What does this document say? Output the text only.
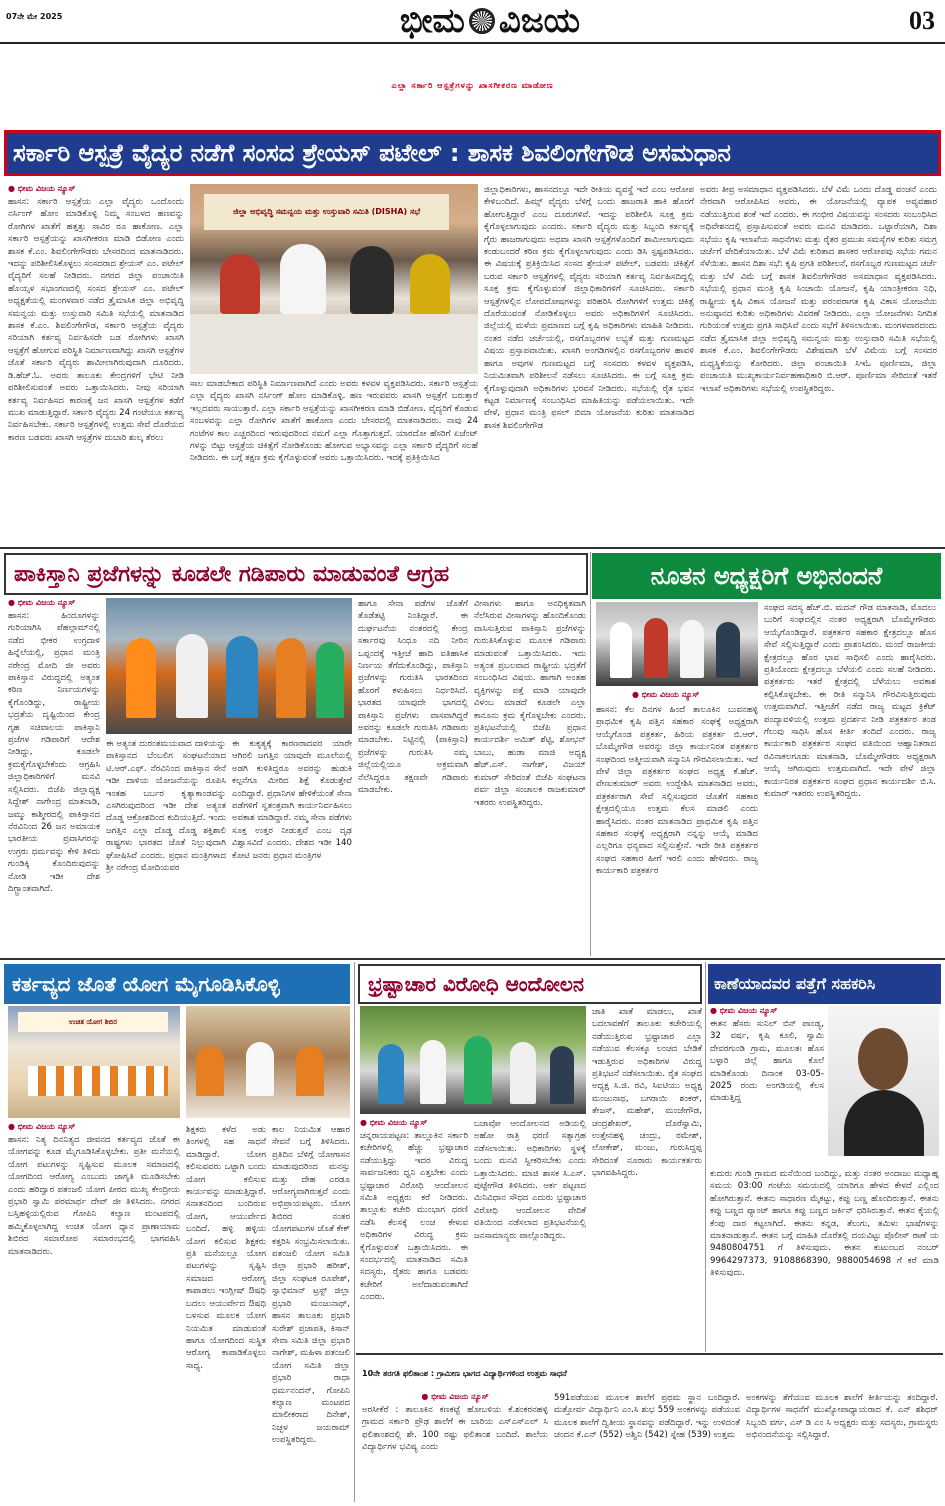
07ನೇ ಮೇ 2025	ಭೀಮ ವಿಜಯ	03
ಎಲ್ಲಾ ಸರ್ಕಾರಿ ಆಸ್ಪತ್ರೆಗಳನ್ನು ಖಾಸಗೀಕರಣ ಮಾಡೋಣ
ಸರ್ಕಾರಿ ಆಸ್ಪತ್ರೆ ವೈದ್ಯರ ನಡೆಗೆ ಸಂಸದ ಶ್ರೇಯಸ್ ಪಟೇಲ್ : ಶಾಸಕ ಶಿವಲಿಂಗೇಗೌಡ ಅಸಮಧಾನ
● ಭೀಮ ವಿಜಯ ನ್ಯೂಸ್
ಹಾಸನ: ಸರ್ಕಾರಿ ಆಸ್ಪತ್ರೆಯ ಎಲ್ಲಾ ವೈದ್ಯರು ಒಂದೊಂದು ನರ್ಸಿಂಗ್ ಹೋಂ ಮಾಡಿಕೊಳ್ಳಿ ನಿಮ್ಮ ಸಂಬಳದ ಹಣವನ್ನು ರೋಗಿಗಳ ಖಾತೆಗೆ ಹತ್ತತ್ತು ಸಾವಿರ ರೂ ಹಾಕೋಣ. ಎಲ್ಲಾ ಸರ್ಕಾರಿ ಆಸ್ಪತ್ರೆಯನ್ನು ಖಾಸಗೀಕರಣ ಮಾಡಿ ಬಿಡೋಣ ಎಂದು ಶಾಸಕ ಕೆ.ಎಂ. ಶಿವಲಿಂಗೇಗೌಡರು ಬೇಸರದಿಂದ ಮಾತನಾಡಿದರು. ಇದನ್ನು ಪರಿಶೀಲಿಸಿಕೊಳ್ಳಲು ಸಂಸದರಾದ ಶ್ರೇಯಸ್ ಎಂ. ಪಟೇಲ್ ವೈದ್ಯರಿಗೆ ಸಲಹೆ ನೀಡಿದರು. ನಗರದ ಜಿಲ್ಲಾ ಪಂಚಾಯಿತಿ ಹೊಯ್ಸಳ ಸಭಾಂಗಣದಲ್ಲಿ ಸಂಸದ ಶ್ರೇಯಸ್ ಎಂ. ಪಟೇಲ್ ಅಧ್ಯಕ್ಷತೆಯಲ್ಲಿ ಮಂಗಳವಾರ ನಡೆದ ತ್ರೈಮಾಸಿಕ ಜಿಲ್ಲಾ ಅಭಿವೃದ್ಧಿ ಸಮನ್ವಯ ಮತ್ತು ಉಸ್ತುವಾರಿ ಸಮಿತಿ ಸಭೆಯಲ್ಲಿ ಮಾತನಾಡಿದ ಶಾಸಕ ಕೆ.ಎಂ. ಶಿವಲಿಂಗೇಗೌಡ, ಸರ್ಕಾರಿ ಆಸ್ಪತ್ರೆಯ ವೈದ್ಯರು ಸರಿಯಾಗಿ ಕರ್ತವ್ಯ ನಿರ್ವಹಿಸದೇ ಬಡ ರೋಗಿಗಳು ಖಾಸಗಿ ಆಸ್ಪತ್ರೆಗೆ ಹೋಗುವ ಪರಿಸ್ಥಿತಿ ನಿರ್ಮಾಣವಾಗಿದ್ದು ಖಾಸಗಿ ಆಸ್ಪತ್ರೆಗಳ ಜೊತೆ ಸರ್ಕಾರಿ ವೈದ್ಯರು ಶಾಮೀಲಾಗಿರುವುದಾಗಿ ದೂರಿದರು. ಡಿ.ಹೆಚ್.ಓ. ಅವರು ತಾಲೂಕು ಕೇಂದ್ರಗಳಿಗೆ ಭೇಟಿ ನೀಡಿ ಪರಿಶೀಲಿಸುವಂತೆ ಅವರು ಒತ್ತಾಯಿಸಿದರು. ನೀವು ಸರಿಯಾಗಿ ಕರ್ತವ್ಯ ನಿರ್ವಹಿಸದ ಕಾರಣಕ್ಕೆ ಜನ ಖಾಸಗಿ ಆಸ್ಪತ್ರೆಗಳ ಕಡೆಗೆ ಮುಖ ಮಾಡುತ್ತಿದ್ದಾರೆ. ಸರ್ಕಾರಿ ವೈದ್ಯರು 24 ಗಂಟೆಯೂ ಕರ್ತವ್ಯ ನಿರ್ವಹಿಸಬೇಕು. ಸರ್ಕಾರಿ ಆಸ್ಪತ್ರೆಗಳಲ್ಲಿ ಉತ್ತಮ ಸೇವೆ ದೊರೆಯದ ಕಾರಣ ಬಡವರು ಖಾಸಗಿ ಆಸ್ಪತ್ರೆಗಳ ದುಬಾರಿ ಶುಲ್ಕ ತೆರಲು
ಜಿಲ್ಲಾ ಅಭಿವೃದ್ಧಿ ಸಮನ್ವಯ ಮತ್ತು ಉಸ್ತುವಾರಿ ಸಮಿತಿ (DISHA) ಸಭೆ
ಸಾಲ ಮಾಡಬೇಕಾದ ಪರಿಸ್ಥಿತಿ ನಿರ್ಮಾಣವಾಗಿದೆ ಎಂದು ಅವರು ಕಳವಳ ವ್ಯಕ್ತಪಡಿಸಿದರು. ಸರ್ಕಾರಿ ಆಸ್ಪತ್ರೆಯ ಎಲ್ಲಾ ವೈದ್ಯರು ಖಾಸಗಿ ನರ್ಸಿಂಗ್ ಹೋಂ ಮಾಡಿಕೊಳ್ಳಿ. ಹಣ ಇರುವವರು ಖಾಸಗಿ ಆಸ್ಪತ್ರೆಗೆ ಬರುತ್ತಾರೆ ಇಲ್ಲದವರು ಸಾಯುತ್ತಾರೆ. ಎಲ್ಲಾ ಸರ್ಕಾರಿ ಆಸ್ಪತ್ರೆಯನ್ನು ಖಾಸಗೀಕರಣ ಮಾಡಿ ಬಿಡೋಣ. ವೈದ್ಯರಿಗೆ ಕೊಡುವ ಸಂಬಳವನ್ನು ಎಲ್ಲಾ ರೋಗಿಗಳ ಖಾತೆಗೆ ಹಾಕೋಣ ಎಂದು ಬೇಸರದಲ್ಲಿ ಮಾತನಾಡಿದರು. ನಾವು 24 ಗಂಟೆಗಳ ಕಾಲ ಎಚ್ಚರದಿಂದ ಇರುವುದರಿಂದ ನಮಗೆ ಎಲ್ಲಾ ಗೊತ್ತಾಗುತ್ತದೆ. ಯಾರದೋ ಹೆಸರಿಗೆ ಏಜೆಂಟ್ ಗಳನ್ನು ಬಿಟ್ಟು ಆಸ್ಪತ್ರೆಯ ಚಿಕಿತ್ಸೆಗೆ ನೋಡಿಕೊಂಡು ಹೋಗುವ ಅಭ್ಯಾಸವನ್ನು ಎಲ್ಲಾ ಸರ್ಕಾರಿ ವೈದ್ಯರಿಗೆ ಸಲಹೆ ನೀಡಿದರು. ಈ ಬಗ್ಗೆ ತಕ್ಷಣ ಕ್ರಮ ಕೈಗೊಳ್ಳುವಂತೆ ಅವರು ಒತ್ತಾಯಿಸಿದರು. ಇದಕ್ಕೆ ಪ್ರತಿಕ್ರಿಯಿಸಿದ
ಜಿಲ್ಲಾಧಿಕಾರಿಗಳು, ಹಾಸನದಲ್ಲೂ ಇದೇ ರೀತಿಯ ವ್ಯವಸ್ಥೆ ಇದೆ ಎಂಬ ಆರೋಪ ಕೇಳಿಬಂದಿದೆ. ಹಿಮ್ಸ್ ವೈದ್ಯರು ಬೆಳಿಗ್ಗೆ ಬಂದು ಹಾಜರಾತಿ ಹಾಕಿ ಹೊರಗೆ ಹೋಗುತ್ತಿದ್ದಾರೆ ಎಂಬ ದೂರುಗಳಿವೆ. ಇದನ್ನು ಪರಿಶೀಲಿಸಿ ಸೂಕ್ತ ಕ್ರಮ ಕೈಗೊಳ್ಳಲಾಗುವುದು ಎಂದರು. ಸರ್ಕಾರಿ ವೈದ್ಯರು ಮತ್ತು ಸಿಬ್ಬಂದಿ ಕರ್ತವ್ಯಕ್ಕೆ ಗೈರು ಹಾಜರಾಗುವುದು ಅಥವಾ ಖಾಸಗಿ ಆಸ್ಪತ್ರೆಗಳೊಂದಿಗೆ ಶಾಮೀಲಾಗುವುದು ಕಂಡುಬಂದರೆ ಕಠಿಣ ಕ್ರಮ ಕೈಗೊಳ್ಳಲಾಗುವುದು ಎಂದು ಡಿಸಿ ಸ್ಪಷ್ಟಪಡಿಸಿದರು. ಈ ವಿಷಯಕ್ಕೆ ಪ್ರತಿಕ್ರಿಯಿಸಿದ ಸಂಸದ ಶ್ರೇಯಸ್ ಪಟೇಲ್, ಬಡವರು ಚಿಕಿತ್ಸೆಗೆ ಬರುವ ಸರ್ಕಾರಿ ಆಸ್ಪತ್ರೆಗಳಲ್ಲಿ ವೈದ್ಯರು ಸರಿಯಾಗಿ ಕರ್ತವ್ಯ ನಿರ್ವಹಿಸದಿದ್ದಲ್ಲಿ ಸೂಕ್ತ ಕ್ರಮ ಕೈಗೊಳ್ಳುವಂತೆ ಜಿಲ್ಲಾಧಿಕಾರಿಗಳಿಗೆ ಸೂಚಿಸಿದರು. ಸರ್ಕಾರಿ ಆಸ್ಪತ್ರೆಗಳಲ್ಲಿನ ಲೋಪದೋಷಗಳನ್ನು ಪರಿಹರಿಸಿ ರೋಗಿಗಳಿಗೆ ಉತ್ತಮ ಚಿಕಿತ್ಸೆ ದೊರೆಯುವಂತೆ ನೋಡಿಕೊಳ್ಳಲು ಅವರು ಅಧಿಕಾರಿಗಳಿಗೆ ಸೂಚಿಸಿದರು. ಜಿಲ್ಲೆಯಲ್ಲಿ ಮಳೆಯ ಪ್ರಮಾಣದ ಬಗ್ಗೆ ಕೃಷಿ ಅಧಿಕಾರಿಗಳು ಮಾಹಿತಿ ನೀಡಿದರು. ನಂತರ ನಡೆದ ಚರ್ಚೆಯಲ್ಲಿ, ರಸಗೊಬ್ಬರಗಳ ಲಭ್ಯತೆ ಮತ್ತು ಗುಣಮಟ್ಟದ ವಿಷಯ ಪ್ರಸ್ತಾಪವಾಯಿತು. ಖಾಸಗಿ ಅಂಗಡಿಗಳಲ್ಲಿನ ರಸಗೊಬ್ಬರಗಳ ಹಾವಳಿ ಹಾಗೂ ಅವುಗಳ ಗುಣಮಟ್ಟದ ಬಗ್ಗೆ ಸಂಸದರು ಕಳವಳ ವ್ಯಕ್ತಪಡಿಸಿ, ನಿಯಮಿತವಾಗಿ ಪರಿಶೀಲನೆ ನಡೆಸಲು ಸೂಚಿಸಿದರು. ಈ ಬಗ್ಗೆ ಸೂಕ್ತ ಕ್ರಮ ಕೈಗೊಳ್ಳುವುದಾಗಿ ಅಧಿಕಾರಿಗಳು ಭರವಸೆ ನೀಡಿದರು. ಸಭೆಯಲ್ಲಿ ರೈತ ಭವನ ಕಟ್ಟಡ ನಿರ್ಮಾಣಕ್ಕೆ ಸಂಬಂಧಿಸಿದ ಮಾಹಿತಿಯನ್ನು ಪಡೆಯಲಾಯಿತು. ಇದೇ ವೇಳೆ, ಪ್ರಧಾನ ಮಂತ್ರಿ ಫಸಲ್ ಬಿಮಾ ಯೋಜನೆಯ ಕುರಿತು ಮಾತನಾಡಿದ ಶಾಸಕ ಶಿವಲಿಂಗೇಗೌಡ
ಅವರು ತೀವ್ರ ಅಸಮಾಧಾನ ವ್ಯಕ್ತಪಡಿಸಿದರು. ಬೆಳೆ ವಿಮೆ ಒಂದು ದೊಡ್ಡ ವಂಚನೆ ಎಂದು ನೇರವಾಗಿ ಆರೋಪಿಸಿದ ಅವರು, ಈ ಯೋಜನೆಯಲ್ಲಿ ವ್ಯಾಪಕ ಅವ್ಯವಹಾರ ನಡೆಯುತ್ತಿರುವ ಶಂಕೆ ಇದೆ ಎಂದರು. ಈ ಗಂಭೀರ ವಿಷಯವನ್ನು ಸಂಸದರು ಸಂಬಂಧಿಸಿದ ಅಧಿವೇಶನದಲ್ಲಿ ಪ್ರಸ್ತಾಪಿಸುವಂತೆ ಅವರು ಮನವಿ ಮಾಡಿದರು. ಒಟ್ಟಾರೆಯಾಗಿ, ದಿಶಾ ಸಭೆಯು ಕೃಷಿ ಇಲಾಖೆಯ ಸಾಧನೆಗಳು ಮತ್ತು ರೈತರ ಪ್ರಮುಖ ಸಮಸ್ಯೆಗಳ ಕುರಿತು ಸಮಗ್ರ ಚರ್ಚೆಗೆ ವೇದಿಕೆಯಾಯಿತು. ಬೆಳೆ ವಿಮೆ ಕುರಿತಾದ ಶಾಸಕರ ಆರೋಪವು ಸಭೆಯ ಗಮನ ಸೆಳೆಯಿತು. ಹಾಸನ ದಿಶಾ ಸಭೆ: ಕೃಷಿ ಪ್ರಗತಿ ಪರಿಶೀಲನೆ, ರಸಗೊಬ್ಬರ ಗುಣಮಟ್ಟದ ಚರ್ಚೆ ಮತ್ತು ಬೆಳೆ ವಿಮೆ ಬಗ್ಗೆ ಶಾಸಕ ಶಿವಲಿಂಗೇಗೌಡರ ಅಸಮಾಧಾನ ವ್ಯಕ್ತಪಡಿಸಿದರು. ಸಭೆಯಲ್ಲಿ ಪ್ರಧಾನ ಮಂತ್ರಿ ಕೃಷಿ ಸಿಂಚಾಯಿ ಯೋಜನೆ, ಕೃಷಿ ಯಾಂತ್ರೀಕರಣ ನಿಧಿ, ರಾಷ್ಟ್ರೀಯ ಕೃಷಿ ವಿಕಾಸ ಯೋಜನೆ ಮತ್ತು ಪರಂಪರಾಗತ ಕೃಷಿ ವಿಕಾಸ ಯೋಜನೆಯ ಅನುಷ್ಠಾನದ ಕುರಿತು ಅಧಿಕಾರಿಗಳು ವಿವರಣೆ ನೀಡಿದರು. ಎಲ್ಲಾ ಯೋಜನೆಗಳು ನಿಗದಿತ ಗುರಿಯಂತೆ ಉತ್ತಮ ಪ್ರಗತಿ ಸಾಧಿಸಿವೆ ಎಂದು ಸಭೆಗೆ ತಿಳಿಸಲಾಯಿತು. ಮಂಗಳವಾರದಂದು ನಡೆದ ತ್ರೈಮಾಸಿಕ ಜಿಲ್ಲಾ ಅಭಿವೃದ್ಧಿ ಸಮನ್ವಯ ಮತ್ತು ಉಸ್ತುವಾರಿ ಸಮಿತಿ ಸಭೆಯಲ್ಲಿ ಶಾಸಕ ಕೆ.ಎಂ. ಶಿವಲಿಂಗೇಗೌಡರು ವಿಶೇಷವಾಗಿ ಬೆಳೆ ವಿಮೆಯ ಬಗ್ಗೆ ಸಂಸದರ ಮಧ್ಯಸ್ಥಿಕೆಯನ್ನು ಕೋರಿದರು. ಜಿಲ್ಲಾ ಪಂಚಾಯಿತಿ ಸಿಇಓ ಪೂರ್ಣಿಮಾ, ಜಿಲ್ಲಾ ಪಂಚಾಯತಿ ಮುಖ್ಯಕಾರ್ಯನಿರ್ವಹಣಾಧಿಕಾರಿ ಬಿ.ಆರ್. ಪೂರ್ಣಿಮಾ ಸೇರಿದಂತೆ ಇತರೆ ಇಲಾಖೆ ಅಧಿಕಾರಿಗಳು ಸಭೆಯಲ್ಲಿ ಉಪಸ್ಥಿತರಿದ್ದರು.
ಪಾಕಿಸ್ತಾನಿ ಪ್ರಜೆಗಳನ್ನು ಕೂಡಲೇ ಗಡಿಪಾರು ಮಾಡುವಂತೆ ಆಗ್ರಹ	ನೂತನ ಅಧ್ಯಕ್ಷರಿಗೆ ಅಭಿನಂದನೆ
● ಭೀಮ ವಿಜಯ ನ್ಯೂಸ್
ಹಾಸನ: ಹಿಂದೂಗಳನ್ನು ಗುರಿಯಾಗಿಸಿ ಪೆಹಲ್ಗಾಮ್‌ನಲ್ಲಿ ನಡೆದ ಭೀಕರ ಉಗ್ರದಾಳಿ ಹಿನ್ನೆಲೆಯಲ್ಲಿ, ಪ್ರಧಾನ ಮಂತ್ರಿ ನರೇಂದ್ರ ಮೋದಿ ಜೀ ಅವರು ಪಾಕಿಸ್ತಾನ ವಿರುದ್ಧದಲ್ಲಿ ಅತ್ಯಂತ ಕಠಿಣ ನಿರ್ಣಯಗಳನ್ನು ಕೈಗೊಂಡಿದ್ದು, ರಾಷ್ಟ್ರೀಯ ಭದ್ರತೆಯ ದೃಷ್ಟಿಯಿಂದ ಕೇಂದ್ರ ಗೃಹ ಸಚಿವಾಲಯ ಪಾಕಿಸ್ತಾನಿ ಪ್ರಜೆಗಳ ಗಡಿಪಾರಿಗೆ ಆದೇಶ ನೀಡಿದ್ದು, ಕೂಡಲೇ ಕ್ರಮಕೈಗೊಳ್ಳಬೇಕೆಂದು ಆಗ್ರಹಿಸಿ ಜಿಲ್ಲಾಧಿಕಾರಿಗಳಿಗೆ ಮನವಿ ಸಲ್ಲಿಸಿದರು. ಬಿಜೆಪಿ ಜಿಲ್ಲಾಧ್ಯಕ್ಷ ಸಿದ್ದೇಶ್ ನಾಗೇಂದ್ರ ಮಾತನಾಡಿ, ಜಮ್ಮು ಕಾಶ್ಮೀರದಲ್ಲಿ ಪಾಕಿಸ್ತಾನದ ನೆರವಿನಿಂದ 26 ಜನ ಅಮಾಯಕ ಭಾರತೀಯ ಪ್ರವಾಸಿಗರನ್ನು ಉಗ್ರರು ಧರ್ಮವನ್ನು ಕೇಳಿ ತಿಳಿದು ಗುಂಡಿಕ್ಕಿ ಕೊಂದಿರುವುದನ್ನು ನೋಡಿ ಇಡೀ ದೇಶ ದಿಗ್ಭ್ರಾಂತವಾಗಿದೆ.
ಈ ಅತ್ಯಂತ ದುರಂತಮಯವಾದ ದಾಳಿಯನ್ನು ಪಾಕಿಸ್ತಾನದ ಬೆಂಬಲಿಗ ಸಂಘಟನೆಯಾದ ಟಿ.ಆರ್.ಎಫ್. ನೆರವಿನಿಂದ ಪಾಕಿಸ್ತಾನ ಸೇನೆ ಇಡೀ ದಾಳಿಯ ಯೋಜನೆಯನ್ನು ರೂಪಿಸಿ ಇಂತಹ ಬರ್ಬರ ಕೃತ್ಯಾಕಾಂಡವನ್ನು ಎಸಗಿರುವುದರಿಂದ ಇಡೀ ದೇಶ ಅತ್ಯಂತ ದೊಡ್ಡ ಆಕ್ರೋಶದಿಂದ ಕುದಿಯುತ್ತಿದೆ. ಇಂದು ಜಗತ್ತಿನ ಎಲ್ಲಾ ದೊಡ್ಡ ದೊಡ್ಡ ಶಕ್ತಿಶಾಲಿ ರಾಷ್ಟ್ರಗಳು ಭಾರತದ ಜೊತೆ ನಿಲ್ಲುವುದಾಗಿ ಘೋಷಿಸಿವೆ ಎಂದರು. ಪ್ರಧಾನ ಮಂತ್ರಿಗಳಾದ ಶ್ರೀ ನರೇಂದ್ರ ಮೋದಿಯವರ
ಈ ಕುಕೃತ್ಯಕ್ಕೆ ಕಾರಣರಾದವರ ಯಾರೇ ಆಗಿರಲಿ ಜಗತ್ತಿನ ಯಾವುದೇ ಮೂಲೆಯಲ್ಲಿ ಅಡಗಿ ಕುಳಿತಿದ್ದರೂ ಅವರನ್ನು ಹುಡುಕಿ ಕಲ್ಪನೆಗೂ ಮೀರಿದ ಶಿಕ್ಷೆ ಕೊಡುತ್ತೇವೆ ಎಂದಿದ್ದಾರೆ. ಪ್ರಧಾನಿಗಳ ಹೇಳಿಕೆಯಂತೆ ಸೇನಾ ಪಡೆಗಳಿಗೆ ಸ್ವತಂತ್ರವಾಗಿ ಕಾರ್ಯನಿರ್ವಹಿಸಲು ಅವಕಾಶ ಮಾಡಿದ್ದಾರೆ. ನಮ್ಮ ಸೇನಾ ಪಡೆಗಳು ಸೂಕ್ತ ಉತ್ತರ ನೀಡುತ್ತವೆ ಎಂಬ ದೃಢ ವಿಶ್ವಾಸವಿದೆ ಎಂದರು. ದೇಶದ ಇಡೀ 140 ಕೋಟಿ ಜನರು ಪ್ರಧಾನ ಮಂತ್ರಿಗಳ
ಹಾಗೂ ಸೇನಾ ಪಡೆಗಳ ಜೊತೆಗೆ ತೊಡೆತಟ್ಟಿ ನಿಂತಿದ್ದಾರೆ. ಈ ದುರ್ಘಟನೆಯ ನಂತರದಲ್ಲಿ ಕೇಂದ್ರ ಸರ್ಕಾರವು ಸಿಂಧೂ ನದಿ ನೀರಿನ ಒಪ್ಪಂದಕ್ಕೆ ಇತ್ತೀಚೆ ಹಾದಿ ಐತಿಹಾಸಿಕ ನಿರ್ಣಯ ತೆಗೆದುಕೊಂಡಿದ್ದು, ಪಾಕಿಸ್ತಾನಿ ಪ್ರಜೆಗಳನ್ನು ಗುರುತಿಸಿ ಭಾರತದಿಂದ ಹೊರಗೆ ಕಳುಹಿಸಲು ನಿರ್ಧರಿಸಿದೆ. ಭಾರತದ ಯಾವುದೇ ಭಾಗದಲ್ಲಿ ಪಾಕಿಸ್ತಾನಿ ಪ್ರಜೆಗಳು ವಾಸವಾಗಿದ್ದರೆ ಅವರನ್ನು ಕೂಡಲೇ ಗುರುತಿಸಿ ಗಡಿಪಾರು ಮಾಡಬೇಕು. ನಿಟ್ಟಿನಲ್ಲಿ (ಪಾಕಿಸ್ತಾನಿ) ಪ್ರಜೆಗಳನ್ನು ಗುರುತಿಸಿ ನಮ್ಮ ಜಿಲ್ಲೆಯಲ್ಲಿಯೂ ಅಕ್ರಮವಾಗಿ ನೆಲೆಸಿದ್ದರೂ ತಕ್ಷಣವೇ ಗಡಿಪಾರು ಮಾಡಬೇಕು.
ವೀಸಾಗಳು ಹಾಗೂ ಅನಧಿಕೃತವಾಗಿ ನೆಲೆಸಿರುವ ವೀಸಾಗಳನ್ನು ಹೊಂದಿಕೊಂಡು ವಾಸಿಸುತ್ತಿರುವ ಪಾಕಿಸ್ತಾನಿ ಪ್ರಜೆಗಳನ್ನು ಗುರುತಿಸಿಕೊಳ್ಳುವ ಮೂಲಕ ಗಡಿಪಾರು ಮಾಡುವಂತೆ ಒತ್ತಾಯಿಸಿದರು. ಇದು ಅತ್ಯಂತ ಪ್ರಬಲವಾದ ರಾಷ್ಟ್ರೀಯ ಭದ್ರತೆಗೆ ಸಂಬಂಧಿಸಿದ ವಿಷಯ. ಹಾಗಾಗಿ ಅಂತಹ ವ್ಯಕ್ತಿಗಳನ್ನು ಪತ್ತೆ ಮಾಡಿ ಯಾವುದೇ ವಿಳಂಬ ಮಾಡದೆ ಕೂಡಲೇ ಎಲ್ಲಾ ಕಾನೂನು ಕ್ರಮ ಕೈಗೊಳ್ಳಬೇಕು ಎಂದರು. ಪ್ರತಿಭಟನೆಯಲ್ಲಿ ಬಿಜೆಪಿ ಪ್ರಧಾನ ಕಾರ್ಯದರ್ಶಿ ಅಮಿತ್ ಶೆಟ್ಟಿ, ಶೋಭನ್ ಬಾಬು, ಹುಡಾ ಮಾಜಿ ಅಧ್ಯಕ್ಷ ಹೆಚ್.ಎಸ್. ನಾಗೇಶ್, ವಿಜಯ್ ಕುಮಾರ್ ಸೇರಿದಂತೆ ಬಿಜೆಪಿ ಸಂಘಟನಾ ಪರ್ವ ಜಿಲ್ಲಾ ಸಂಚಾಲಕ ರಾಜಕುಮಾರ್ ಇತರರು ಉಪಸ್ಥಿತರಿದ್ದರು.
● ಭೀಮ ವಿಜಯ ನ್ಯೂಸ್
ಹಾಸನ: ಕೆಲ ದಿನಗಳ ಹಿಂದೆ ತಾಲೂಕಿನ ಬುವನಹಳ್ಳಿ ಪ್ರಾಥಮಿಕ ಕೃಷಿ ಪತ್ತಿನ ಸಹಕಾರ ಸಂಘಕ್ಕೆ ಅಧ್ಯಕ್ಷರಾಗಿ ಆಯ್ಕೆಗೊಂಡ ಪತ್ರಕರ್ತ, ಹಿರಿಯ ಪತ್ರಕರ್ತ ಬಿ.ಆರ್. ಬೊಮ್ಮೇಗೌಡ ಅವರನ್ನು ಜಿಲ್ಲಾ ಕಾರ್ಯನಿರತ ಪತ್ರಕರ್ತರ ಸಂಘದಿಂದ ಆತ್ಮೀಯವಾಗಿ ಸನ್ಮಾನಿಸಿ ಗೌರವಿಸಲಾಯಿತು. ಇದೆ ವೇಳೆ ಜಿಲ್ಲಾ ಪತ್ರಕರ್ತರ ಸಂಘದ ಅಧ್ಯಕ್ಷ ಕೆ.ಹೆಚ್. ವೇಣುಕುಮಾರ್ ಅವರು ಉದ್ದೇಶಿಸಿ ಮಾತನಾಡಿದ ಅವರು, ಪತ್ರಕರ್ತರಾಗಿ ಸೇವೆ ಸಲ್ಲಿಸುವುದರ ಜೊತೆಗೆ ಸಹಕಾರ ಕ್ಷೇತ್ರದಲ್ಲಿಯೂ ಉತ್ತಮ ಕೆಲಸ ಮಾಡಲಿ ಎಂದು ಹಾರೈಸಿದರು. ನಂತರ ಮಾತನಾಡಿದ ಪ್ರಾಥಮಿಕ ಕೃಷಿ ಪತ್ತಿನ ಸಹಕಾರ ಸಂಘಕ್ಕೆ ಅಧ್ಯಕ್ಷರಾಗಿ ನನ್ನನ್ನು ಆಯ್ಕೆ ಮಾಡಿದ ಎಲ್ಲರಿಗೂ ಧನ್ಯವಾದ ಸಲ್ಲಿಸುತ್ತೇನೆ. ಇದೇ ರೀತಿ ಪತ್ರಕರ್ತರ ಸಂಘದ ಸಹಕಾರ ಹೀಗೆ ಇರಲಿ ಎಂದು ಹೇಳಿದರು. ರಾಜ್ಯ ಕಾರ್ಯಕಾರಿ ಪತ್ರಕರ್ತರ
ಸಂಘದ ಸದಸ್ಯ ಹೆಚ್.ಬಿ. ಮದನ್ ಗೌಡ ಮಾತನಾಡಿ, ಮೊದಲು ಬುರಿಗೆ ಸಂಘದಲ್ಲಿನ ನಂತರ ಅಧ್ಯಕ್ಷರಾಗಿ ಬೊಮ್ಮೇಗೌಡರು ಆಯ್ಕೆಗೊಂಡಿದ್ದಾರೆ. ಪತ್ರಕರ್ತರ ಸಹಕಾರ ಕ್ಷೇತ್ರದಲ್ಲೂ ಹೊಸ ಸೇವೆ ಸಲ್ಲಿಸುತ್ತಿದ್ದಾರೆ ಎಂದು ಪ್ರಾಶಂಸಿದರು. ಮಂದೆ ರಾಜಕೀಯ ಕ್ಷೇತ್ರದಲ್ಲೂ ಹೊರ ಭಾವ ಸಾಧಿಸಲಿ ಎಂದು ಹಾರೈಸಿದರು. ಪ್ರತಿಯೊಂದು ಕ್ಷೇತ್ರದಲ್ಲೂ ಬೆಳೆಯಲಿ ಎಂದು ಸಲಹೆ ನೀಡಿದರು. ಪತ್ರಕರ್ತರು ಇತರೆ ಕ್ಷೇತ್ರದಲ್ಲಿ ಬೆಳೆಯಲು ಅವಕಾಶ ಕಲ್ಪಿಸಿಕೊಳ್ಳಬೇಕು. ಈ ರೀತಿ ಸನ್ಮಾನಿಸಿ ಗೌರವಿಸುತ್ತಿರುವುದು ಉತ್ತಮವಾಗಿದೆ. ಇತ್ತೀಚೆಗೆ ನಡೆದ ರಾಜ್ಯ ಮಟ್ಟದ ಕ್ರಿಕೆಟ್ ಪಂದ್ಯಾವಳಿಯಲ್ಲಿ ಉತ್ತಮ ಪ್ರದರ್ಶನ ನೀಡಿ ಪತ್ರಕರ್ತರ ತಂಡ ಗೆಲುವು ಸಾಧಿಸಿ ಹೊಸ ಕೀರ್ತಿ ತಂದಿದೆ ಎಂದರು. ರಾಜ್ಯ ಕಾರ್ಯಕಾರಿ ಪತ್ರಕರ್ತರ ಸಂಘದ ವತಿಯಿಂದ ಆಹ್ವಾನಿತರಾದ ರವಿನಾಕಲಗೂಡು ಮಾತನಾಡಿ, ಬೊಮ್ಮೇಗೌಡರು ಅಧ್ಯಕ್ಷರಾಗಿ ಆಯ್ಕೆ ಆಗಿರುವುದು ಉತ್ತಮವಾಗಿದೆ. ಇದೇ ವೇಳೆ ಜಿಲ್ಲಾ ಕಾರ್ಯನಿರತ ಪತ್ರಕರ್ತರ ಸಂಘದ ಪ್ರಧಾನ ಕಾರ್ಯದರ್ಶಿ ಬಿ.ಸಿ. ಕುಮಾರ್ ಇತರರು ಉಪಸ್ಥಿತರಿದ್ದರು.
ಕರ್ತವ್ಯದ ಜೊತೆ ಯೋಗ ಮೈಗೂಡಿಸಿಕೊಳ್ಳಿ
ಉಚಿತ ಯೋಗ ಶಿಬಿರ
● ಭೀಮ ವಿಜಯ ನ್ಯೂಸ್
ಹಾಸನ: ನಿತ್ಯ ದಿನನಿತ್ಯದ ಜೀವನದ ಕರ್ತವ್ಯದ ಜೊತೆ ಈ ಯೋಗವನ್ನು ಕೂಡ ಮೈಗೂಡಿಸಿಕೊಳ್ಳಬೇಕು. ಪ್ರತೀ ಮನೆಯಲ್ಲಿ ಯೋಗ ಪಟುಗಳನ್ನು ಸೃಷ್ಟಿಸುವ ಮೂಲಕ ಸಮಾಜದಲ್ಲಿ ಯೋಗದಿಂದ ಆರೋಗ್ಯ ಎಂಬುದು ಜಾಗೃತಿ ಮೂಡಿಸಬೇಕು ಎಂದು ಹರಿದ್ವಾರ ಪತಂಜಲಿ ಯೋಗ ಪೀಠದ ಮುಖ್ಯ ಕೇಂದ್ರೀಯ ಪ್ರಭಾರಿ ಸ್ವಾಮಿ ಪರಮಾರ್ಥ ದೇವ್ ಜೀ ತಿಳಿಸಿದರು. ನಗರದ ಬಸ್ತಿಹಳ್ಳಿಯಲ್ಲಿರುವ ಗೋಪಿನಿ ಕಲ್ಯಾಣ ಮಂಟಪದಲ್ಲಿ ಹಮ್ಮಿಕೊಳ್ಳಲಾಗಿದ್ದ ಉಚಿತ ಯೋಗ ಧ್ಯಾನ ಪ್ರಾಣಾಯಾಮ ಶಿಬಿರದ ಸಮಾರೋಪ ಸಮಾರಂಭದಲ್ಲಿ ಭಾಗವಹಿಸಿ ಮಾತನಾಡಿದರು.
ಶಿಕ್ಷಕರು ಕಳೆದ ಅಡು ತಿಂಗಳಲ್ಲಿ ಸಹ ಸಾಧನೆ ಮಾಡಿದ್ದಾರೆ. ಯೋಗ ಕಲಿಸುವವರು ಒಟ್ಟಾಗಿ ಬಂದು ಯೋಗ ಕಲಿಸುವ ಕಾರ್ಯವನ್ನು ಮಾಡುತ್ತಿದ್ದಾರೆ. ಸನಾತನದಿಂದ ಬಂದಿರುವ ಯೋಗ, ಆಯುರ್ವೇದ ಬಂದಿದೆ. ಹಳ್ಳಿ ಹಳ್ಳಿಯ ಯೋಗ ಕಲಿಸುವ ಶಿಕ್ಷಕರು ಪ್ರತಿ ಮನೆಯಲ್ಲೂ ಯೋಗ ಪಟುಗಳನ್ನು ಸೃಷ್ಟಿಸಿ ಸಮಾಜದ ಆರೋಗ್ಯ ಕಾಪಾಡಲು ಇಂಗ್ಲೀಷ್ ಔಷಧಿ ಬದಲು ಆಯುರ್ವೇದ ಔಷಧಿ ಬಳಸುವ ಮೂಲಕ ಯೋಗ ನಿಯಮಿತ ಮಾಡುವಂತೆ ಹಾಗೂ ಯೋಗದಿಂದ ಸುಸ್ಥಿತ ಆರೋಗ್ಯ ಕಾಪಾಡಿಕೊಳ್ಳಲು ಸಾಧ್ಯ.
ಕಾಲ ನಿಯಮಿತ ಆಹಾರ ಸೇವನೆ ಬಗ್ಗೆ ತಿಳಿಸಿದರು. ಪ್ರತಿದಿನ ಬೆಳಿಗ್ಗೆ ಯೋಗಾಸನ ಮಾಡುವುದರಿಂದ ಮನಸ್ಸು ಮತ್ತು ದೇಹ ಎರಡೂ ಆರೋಗ್ಯವಾಗಿರುತ್ತವೆ ಎಂದು ಅಭಿಪ್ರಾಯಪಟ್ಟರು. ಯೋಗ ಶಿಬಿರದ ನಂತರ ಯೋಗಪಟುಗಳ ಜೊತೆ ಕೇಕ್ ಕತ್ತರಿಸಿ ಸಂಭ್ರಮಿಸಲಾಯಿತು. ಪತಂಜಲಿ ಯೋಗ ಸಮಿತಿ ಜಿಲ್ಲಾ ಪ್ರಭಾರಿ ಹರೀಶ್, ಜಿಲ್ಲಾ ಸಂಘಟಕ ರೂಪೇಶ್, ಸ್ವಾಭಿಮಾನ್ ಟ್ರಸ್ಟ್ ಜಿಲ್ಲಾ ಪ್ರಭಾರಿ ಮಂಜುನಾಥ್, ಹಾಸನ ತಾಲೂಕು ಪ್ರಭಾರಿ ಸುರೇಶ್ ಪ್ರಜಾಪತಿ, ಕಿಸಾನ್ ಸೇವಾ ಸಮಿತಿ ಜಿಲ್ಲಾ ಪ್ರಭಾರಿ ನಾಗೇಶ್, ಮಹಿಳಾ ಪತಂಜಲಿ ಯೋಗ ಸಮಿತಿ ಜಿಲ್ಲಾ ಪ್ರಭಾರಿ ರಾಧಾ ಧರ್ಮನಂದನ್, ಗೋಪಿನಿ ಕಲ್ಯಾಣ ಮಂಟಪದ ಮಾಲೀಕರಾದ ದಿನೇಶ್, ನಿಚ್ಛಳ ಜಯರಾಮ್ ಉಪಸ್ಥಿತರಿದ್ದರು.
ಭ್ರಷ್ಟಾಚಾರ ವಿರೋಧಿ ಆಂದೋಲನ
● ಭೀಮ ವಿಜಯ ನ್ಯೂಸ್
ಚನ್ನರಾಯಪಟ್ಟಣ: ತಾಲ್ಲೂಕಿನ ಸರ್ಕಾರಿ ಕಚೇರಿಗಳಲ್ಲಿ ಹೆಚ್ಚು ಭ್ರಷ್ಟಾಚಾರ ನಡೆಯುತ್ತಿದ್ದು ಇದರ ವಿರುದ್ಧ ಸಾರ್ವಜನಿಕರು ಧ್ವನಿ ಎತ್ತಬೇಕು ಎಂದು ಭ್ರಷ್ಟಾಚಾರ ವಿರೋಧಿ ಆಂದೋಲನ ಸಮಿತಿ ಅಧ್ಯಕ್ಷರು ಕರೆ ನೀಡಿದರು. ತಾಲ್ಲೂಕು ಕಚೇರಿ ಮುಂಭಾಗ ಧರಣಿ ನಡೆಸಿ ಕೆಲಸಕ್ಕೆ ಲಂಚ ಕೇಳುವ ಅಧಿಕಾರಿಗಳ ವಿರುದ್ಧ ಕ್ರಮ ಕೈಗೊಳ್ಳುವಂತೆ ಒತ್ತಾಯಿಸಿದರು. ಈ ಸಂದರ್ಭದಲ್ಲಿ ಮಾತನಾಡಿದ ಸಮಿತಿ ಸದಸ್ಯರು, ರೈತರು ಹಾಗೂ ಬಡವರು ಕಚೇರಿಗೆ ಅಲೆದಾಡುವಂತಾಗಿದೆ ಎಂದರು.
ಬಜಾವೋ ಆಂದೋಲನದ ಅಡಿಯಲ್ಲಿ ಅಹೋ ರಾತ್ರಿ ಧರಣಿ ಸತ್ಯಾಗ್ರಹ ನಡೆಸಲಾಯಿತು. ಅಧಿಕಾರಿಗಳು ಸ್ಥಳಕ್ಕೆ ಬಂದು ಮನವಿ ಸ್ವೀಕರಿಸಬೇಕು ಎಂದು ಒತ್ತಾಯಿಸಿದರು. ಮಾಜಿ ಶಾಸಕ ಸಿ.ಎಸ್. ಪುಟ್ಟೇಗೌಡ ತಿಳಿಸಿದರು. ಅರ್ಕ ಪಟ್ಟಣದ ಮಿನಿವಿಧಾನ ಸೌಧದ ಎದುರು ಭ್ರಷ್ಟಾಚಾರ ವಿರೋಧಿ ಆಂದೋಲನ ವೇದಿಕೆ ವತಿಯಿಂದ ನಡೆಸಲಾದ ಪ್ರತಿಭಟನೆಯಲ್ಲಿ ಜನಸಾಮಾನ್ಯರು ಪಾಲ್ಗೊಂಡಿದ್ದರು.
ಜಾತಿ ಖಾತೆ ಮಾಡಲು, ಖಾತೆ ಬದಲಾವಣೆಗೆ ತಾಲೂಕು ಕಚೇರಿಯಲ್ಲಿ ನಡೆಯುತ್ತಿರುವ ಭ್ರಷ್ಟಾಚಾರ ಎಲ್ಲಾ ನಡೆಯುವ ಕೆಲಸಕ್ಕೂ ಲಂಚದ ಬೇಡಿಕೆ ಇಡುತ್ತಿರುವ ಅಧಿಕಾರಿಗಳ ವಿರುದ್ಧ ಪ್ರತಿಭಟನೆ ನಡೆಸಲಾಯಿತು. ರೈತ ಸಂಘದ ಅಧ್ಯಕ್ಷ ಸಿ.ಜಿ. ರವಿ, ಸಿಐಟಿಯು ಅಧ್ಯಕ್ಷ ಮಂಜುನಾಥ, ಬಗರಾಯಿ ಶಂಕರ್, ತೇಜಸ್, ಮಹೇಶ್, ಮಂಜೇಗೌಡ, ಚಂದ್ರಶೇಖರ್, ದೊರೆಸ್ವಾಮಿ, ಉತ್ತೇನಹಳ್ಳಿ ಚಂದ್ರು, ರಮೇಶ್, ಲೋಕೇಶ್, ಮಂಜು, ಗುರುಸಿದ್ದಪ್ಪ ಸೇರಿದಂತೆ ನೂರಾರು ಕಾರ್ಯಕರ್ತರು ಭಾಗವಹಿಸಿದ್ದರು.
ಕಾಣೆಯಾದವರ ಪತ್ತೆಗೆ ಸಹಕರಿಸಿ
● ಭೀಮ ವಿಜಯ ನ್ಯೂಸ್
ಈತನ ಹೆಸರು ಸುನಿಲ್ ಬಿನ್ ಪಾಂಡ್ಯ, 32 ವರ್ಷ, ಕೃಷಿ ಕೂಲಿ, ಸ್ವಾಮಿ ದೇವರಗುಂಡಿ ಗ್ರಾಮ, ಮೂಲತಃ ಹೊಸ ಬಳ್ಳಾರಿ ಜಿಲ್ಲೆ ಹಾಗೂ ಕೊಲೆ ಮಾಡಿಕೊಂಡು ದಿನಾಂಕ 03-05-2025 ರಂದು ಅಂಗಡಿಯಲ್ಲಿ ಕೆಲಸ ಮಾಡುತ್ತಿದ್ದ
ಕುದುರು ಗುಂಡಿ ಗ್ರಾಮದ ಮನೆಯಿಂದ ಬಂದಿದ್ದು, ಮತ್ತು ನಂತರ ಅಂದಾಜು ಮಧ್ಯಾಹ್ನ ಸಮಯ 03:00 ಗಂಟೆಯ ಸಮಯದಲ್ಲಿ ಯಾರಿಗೂ ಹೇಳದ ಕೇಳದೆ ಎಲ್ಲಿಂದ ಹೋಗಿರುತ್ತಾನೆ. ಈತನು ಸಾಧಾರಣ ಮೈಕಟ್ಟು, ಕಪ್ಪು ಬಣ್ಣ ಹೊಂದಿರುತ್ತಾನೆ. ಈತನು ಕಪ್ಪು ಬಣ್ಣದ ಪ್ಯಾಂಟ್ ಹಾಗೂ ಕಪ್ಪು ಬಣ್ಣದ ಜರ್ಕಿನ್ ಧರಿಸಿರುತ್ತಾನೆ. ಈತನ ಕೈಯಲ್ಲಿ ಕೆಂಪು ದಾರ ಕಟ್ಟಲಾಗಿದೆ. ಈತನು ಕನ್ನಡ, ತೆಲುಗು, ತಮಿಳು ಭಾಷೆಗಳನ್ನು ಮಾತನಾಡುತ್ತಾನೆ. ಈತನ ಬಗ್ಗೆ ಮಾಹಿತಿ ದೊರೆತಲ್ಲಿ ದಯವಿಟ್ಟು ಪೊಲೀಸ್ ಠಾಣೆ ಯ 9480804751 ಗೆ ತಿಳಿಸುವುದು. ಈತನ ಕುಟುಂಬದ ನಂಬರ್ 9964297373, 9108868390, 9880054698 ಗೆ ಕರೆ ಮಾಡಿ ತಿಳಿಸುವುದು.
10ನೇ ತರಗತಿ ಫಲಿತಾಂಶ : ಗ್ರಾಮೀಣ ಭಾಗದ ವಿದ್ಯಾರ್ಥಿಗಳಿಂದ ಉತ್ತಮ ಸಾಧನೆ
● ಭೀಮ ವಿಜಯ ನ್ಯೂಸ್
ಅರಸೀಕೆರೆ : ತಾಲೂಕಿನ ಕಣಕಟ್ಟೆ ಹೋಬಳಿಯ ಕೆ.ಶಂಕರನಹಳ್ಳಿ ಗ್ರಾಮದ ಸರ್ಕಾರಿ ಪ್ರೌಢ ಶಾಲೆಗೆ ಈ ಬಾರಿಯ ಎಸ್ಎಸ್ಎಲ್ ಸಿ ಫಲಿತಾಂಶದಲ್ಲಿ ಶೇ. 100 ರಷ್ಟು ಫಲಿತಾಂಶ ಬಂದಿದೆ. ಶಾಲೆಯ ವಿದ್ಯಾರ್ಥಿಗಳ ಭವಿಷ್ಯ ಎಂದು
591ಪಡೆಯುವ ಮೂಲಕ ಶಾಲೆಗೆ ಪ್ರಥಮ ಸ್ಥಾನ ಬಂದಿದ್ದಾರೆ. ಮತ್ತೋರ್ವ ವಿದ್ಯಾರ್ಥಿನಿ ಎಂ.ಸಿ ಶುಭ 559 ಅಂಕಗಳನ್ನು ಪಡೆಯುವ ಮೂಲಕ ಶಾಲೆಗೆ ದ್ವಿತೀಯ ಸ್ಥಾನವನ್ನು ಪಡೆದಿದ್ದಾರೆ. ಇನ್ನು ಉಳಿದಂತೆ ಚಂದನ ಕೆ.ಎನ್ (552) ಅಶ್ವಿನಿ (542) ಸ್ನೇಹ (539) ಉತ್ತಮ
ಅಂಕಗಳನ್ನು ತೆಗೆಯುವ ಮೂಲಕ ಶಾಲೆಗೆ ಕೀರ್ತಿಯನ್ನು ತಂದಿದ್ದಾರೆ. ವಿದ್ಯಾರ್ಥಿಗಳ ಸಾಧನೆಗೆ ಮುಖ್ಯೋಪಾಧ್ಯಾಯರಾದ ಕೆ. ಎನ್ ಶಶಿಧರ್ ಸಿಬ್ಬಂದಿ ವರ್ಗ, ಎಸ್ ಡಿ ಎಂ ಸಿ ಅಧ್ಯಕ್ಷರು ಮತ್ತು ಸದಸ್ಯರು, ಗ್ರಾಮಸ್ಥರು ಅಭಿನಂದನೆಯನ್ನು ಸಲ್ಲಿಸಿದ್ದಾರೆ.
